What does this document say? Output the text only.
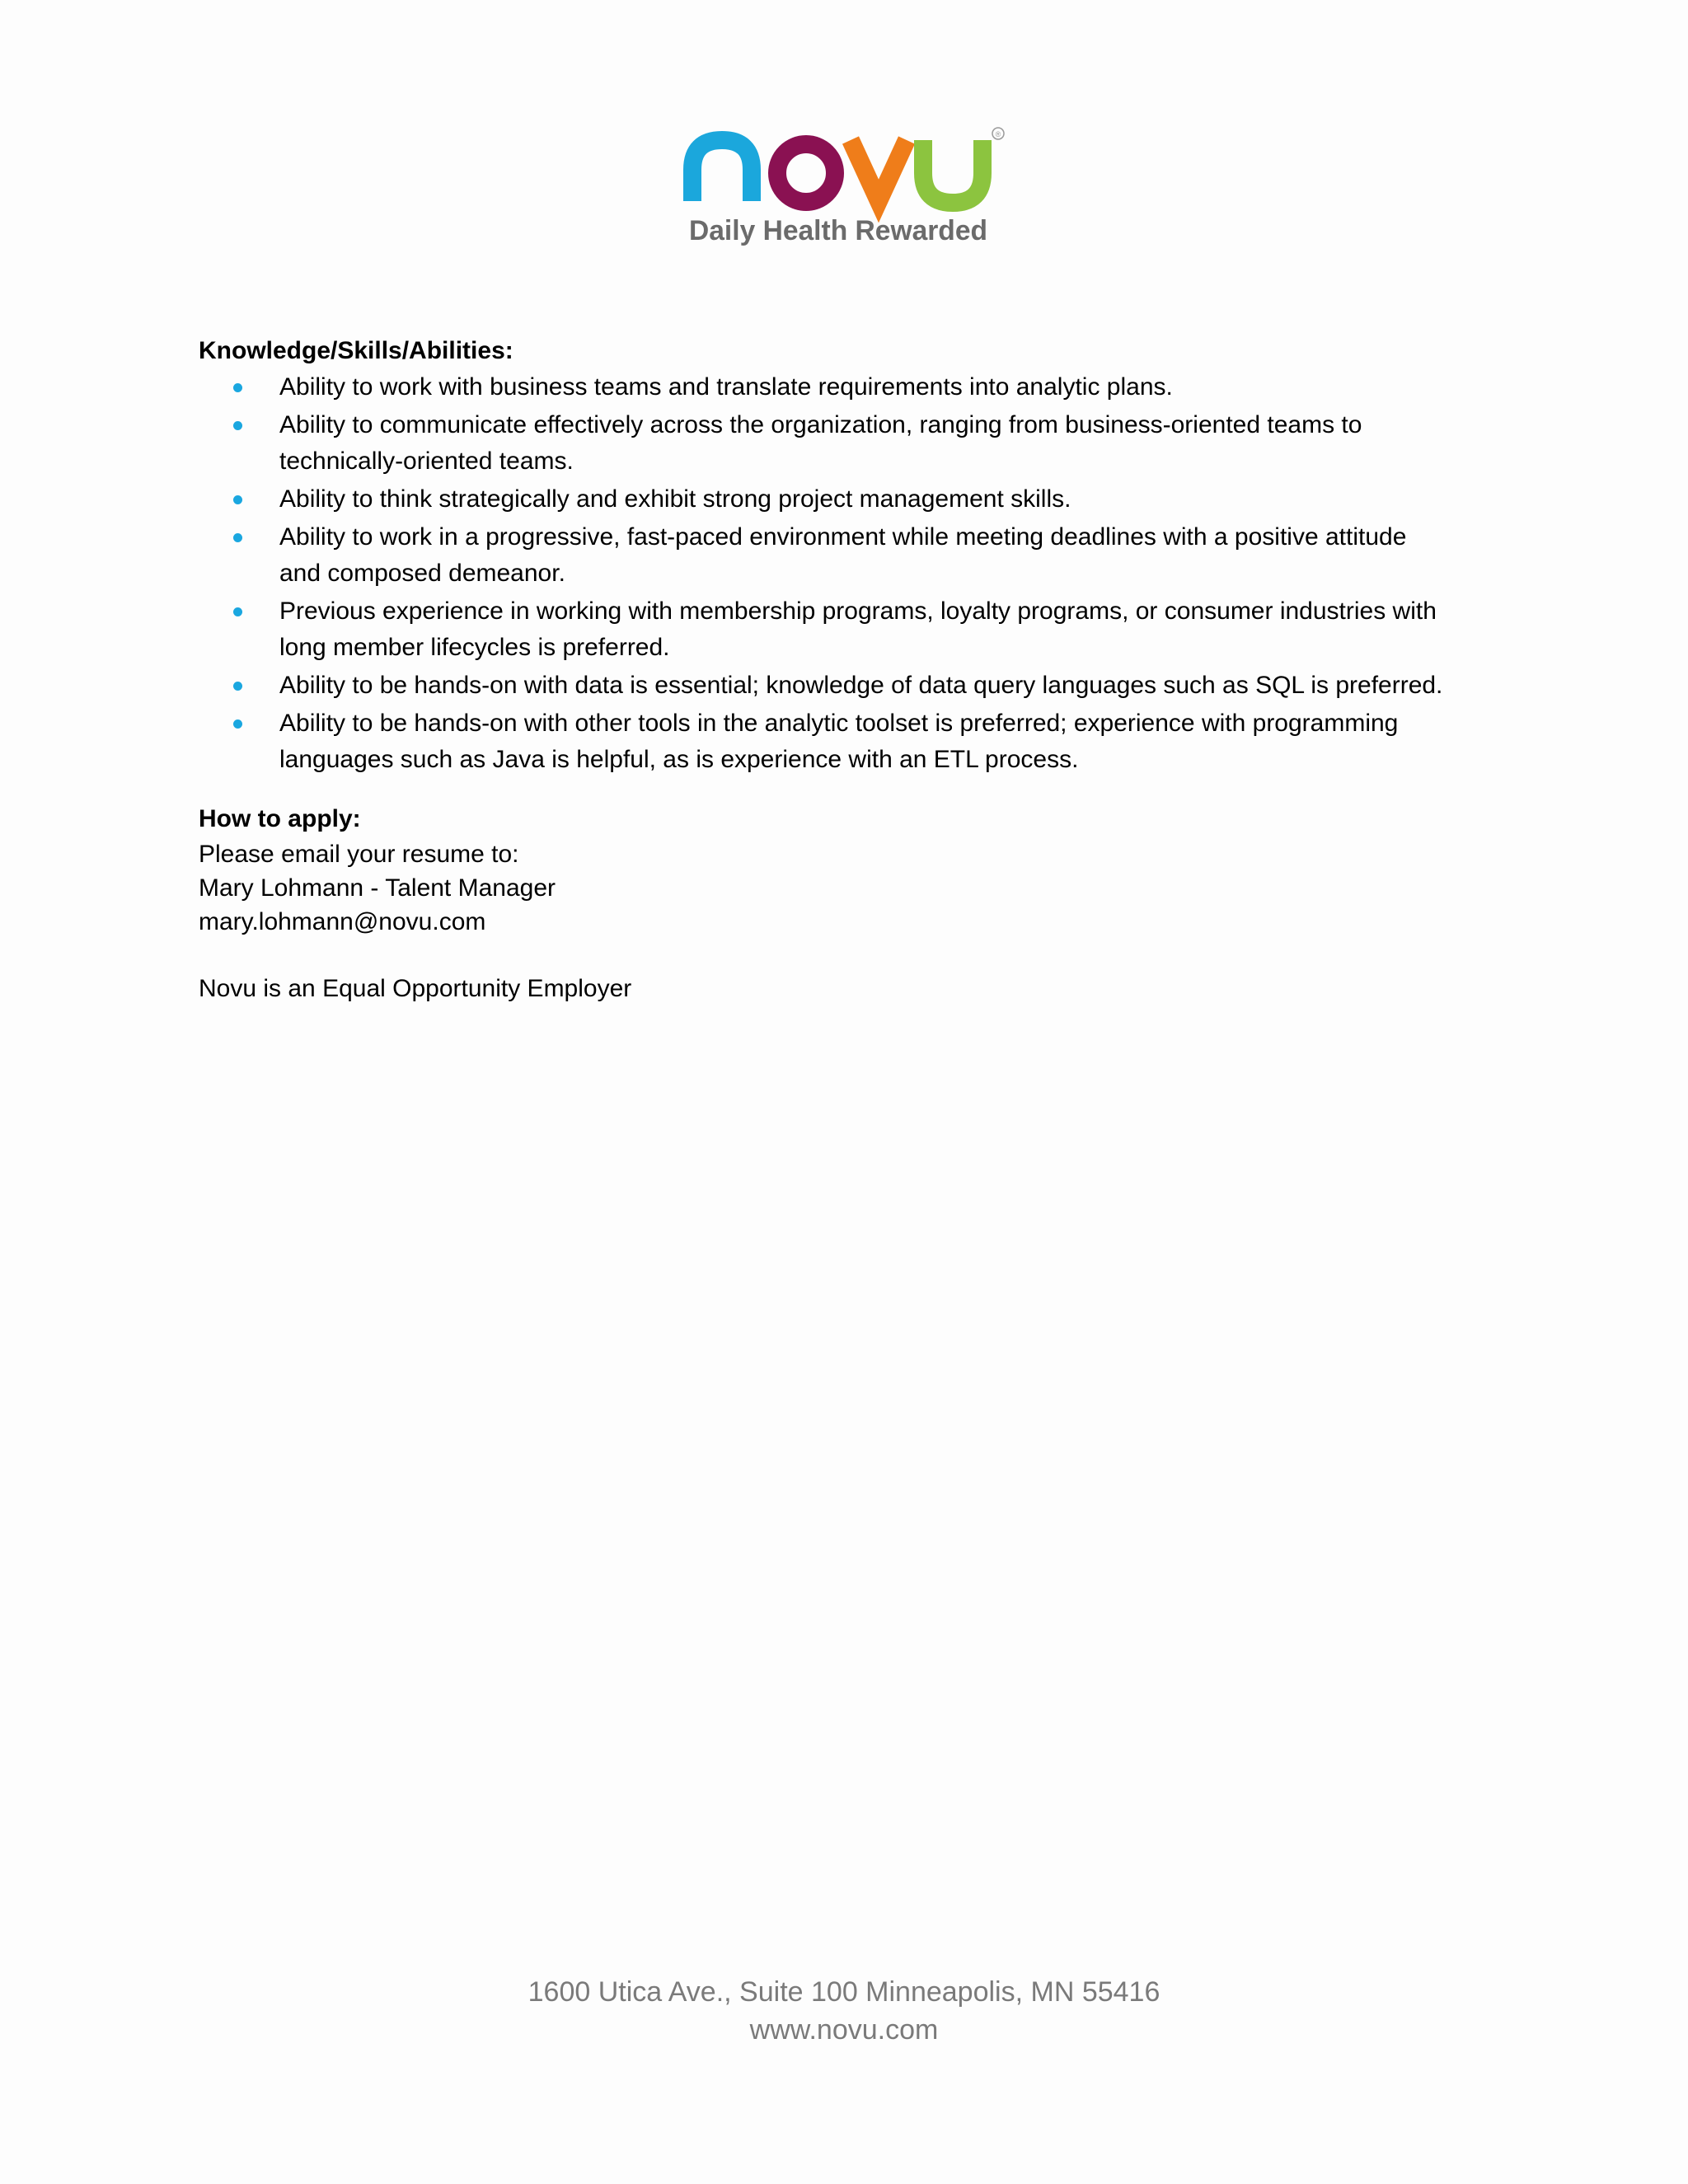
®
Daily Health Rewarded

Knowledge/Skills/Abilities:

Ability to work with business teams and translate requirements into analytic plans.
Ability to communicate effectively across the organization, ranging from business-oriented teams to
technically-oriented teams.
Ability to think strategically and exhibit strong project management skills.
Ability to work in a progressive, fast-paced environment while meeting deadlines with a positive attitude
and composed demeanor.
Previous experience in working with membership programs, loyalty programs, or consumer industries with
long member lifecycles is preferred.
Ability to be hands-on with data is essential; knowledge of data query languages such as SQL is preferred.
Ability to be hands-on with other tools in the analytic toolset is preferred; experience with programming
languages such as Java is helpful, as is experience with an ETL process.

How to apply:

Please email your resume to:

Mary Lohmann - Talent Manager

mary.lohmann@novu.com

Novu is an Equal Opportunity Employer

1600 Utica Ave., Suite 100 Minneapolis, MN 55416
www.novu.com
